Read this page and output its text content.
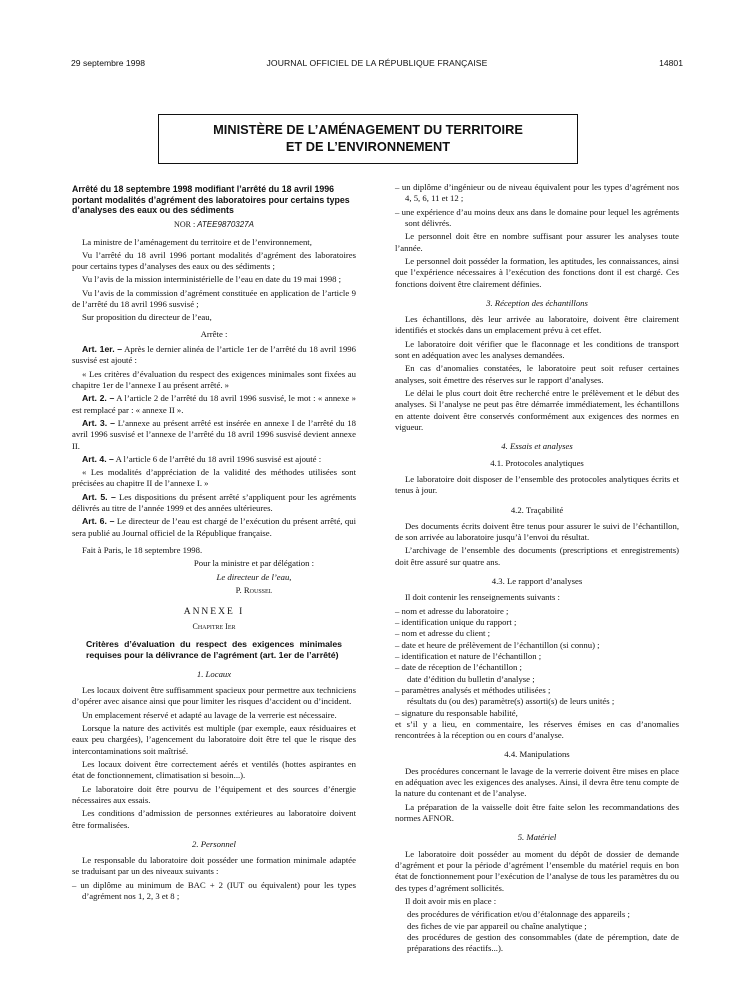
29 septembre 1998	JOURNAL OFFICIEL DE LA RÉPUBLIQUE FRANÇAISE	14801
MINISTÈRE DE L’AMÉNAGEMENT DU TERRITOIRE
ET DE L’ENVIRONNEMENT
Arrêté du 18 septembre 1998 modifiant l’arrêté du 18 avril 1996 portant modalités d’agrément des laboratoires pour certains types d’analyses des eaux ou des sédiments
NOR : ATEE9870327A

La ministre de l’aménagement du territoire et de l’environnement,

Vu l’arrêté du 18 avril 1996 portant modalités d’agrément des laboratoires pour certains types d’analyses des eaux ou des sédiments ;

Vu l’avis de la mission interministérielle de l’eau en date du 19 mai 1998 ;

Vu l’avis de la commission d’agrément constituée en application de l’article 9 de l’arrêté du 18 avril 1996 susvisé ;

Sur proposition du directeur de l’eau,

Arrête :

Art. 1er. – Après le dernier alinéa de l’article 1er de l’arrêté du 18 avril 1996 susvisé est ajouté :

« Les critères d’évaluation du respect des exigences minimales sont fixées au chapitre 1er de l’annexe I au présent arrêté. »

Art. 2. – A l’article 2 de l’arrêté du 18 avril 1996 susvisé, le mot : « annexe » est remplacé par : « annexe II ».

Art. 3. – L’annexe au présent arrêté est insérée en annexe I de l’arrêté du 18 avril 1996 susvisé et l’annexe de l’arrêté du 18 avril 1996 susvisé devient annexe II.

Art. 4. – A l’article 6 de l’arrêté du 18 avril 1996 susvisé est ajouté :

« Les modalités d’appréciation de la validité des méthodes utilisées sont précisées au chapitre II de l’annexe I. »

Art. 5. – Les dispositions du présent arrêté s’appliquent pour les agréments délivrés au titre de l’année 1999 et des années ultérieures.

Art. 6. – Le directeur de l’eau est chargé de l’exécution du présent arrêté, qui sera publié au Journal officiel de la République française.

Fait à Paris, le 18 septembre 1998.

Pour la ministre et par délégation :

Le directeur de l’eau,

P. Roussel

ANNEXE I
Chapitre Ier
Critères d’évaluation du respect des exigences minimales requises pour la délivrance de l’agrément (art. 1er de l’arrêté)
1. Locaux

Les locaux doivent être suffisamment spacieux pour permettre aux techniciens d’opérer avec aisance ainsi que pour limiter les risques d’accident ou d’incident.

Un emplacement réservé et adapté au lavage de la verrerie est nécessaire.

Lorsque la nature des activités est multiple (par exemple, eaux résiduaires et eaux peu chargées), l’agencement du laboratoire doit être tel que le risque des intercontaminations soit maîtrisé.

Les locaux doivent être correctement aérés et ventilés (hottes aspirantes en état de fonctionnement, climatisation si besoin...).

Le laboratoire doit être pourvu de l’équipement et des sources d’énergie nécessaires aux essais.

Les conditions d’admission de personnes extérieures au laboratoire doivent être formalisées.

2. Personnel

Le responsable du laboratoire doit posséder une formation minimale adaptée se traduisant par un des niveaux suivants :

– un diplôme au minimum de BAC + 2 (IUT ou équivalent) pour les types d’agrément nos 1, 2, 3 et 8 ;

– un diplôme d’ingénieur ou de niveau équivalent pour les types d’agrément nos 4, 5, 6, 11 et 12 ;

– une expérience d’au moins deux ans dans le domaine pour lequel les agréments sont délivrés.

Le personnel doit être en nombre suffisant pour assurer les analyses toute l’année.

Le personnel doit posséder la formation, les aptitudes, les connaissances, ainsi que l’expérience nécessaires à l’exécution des fonctions dont il est chargé. Ces fonctions doivent être clairement définies.

3. Réception des échantillons

Les échantillons, dès leur arrivée au laboratoire, doivent être clairement identifiés et stockés dans un emplacement prévu à cet effet.

Le laboratoire doit vérifier que le flaconnage et les conditions de transport sont en adéquation avec les analyses demandées.

En cas d’anomalies constatées, le laboratoire peut soit refuser certaines analyses, soit émettre des réserves sur le rapport d’analyses.

Le délai le plus court doit être recherché entre le prélèvement et le début des analyses. Si l’analyse ne peut pas être démarrée immédiatement, les échantillons en attente doivent être conservés conformément aux exigences des normes en vigueur.

4. Essais et analyses
4.1. Protocoles analytiques

Le laboratoire doit disposer de l’ensemble des protocoles analytiques écrits et tenus à jour.

4.2. Traçabilité

Des documents écrits doivent être tenus pour assurer le suivi de l’échantillon, de son arrivée au laboratoire jusqu’à l’envoi du résultat.

L’archivage de l’ensemble des documents (prescriptions et enregistrements) doit être assuré sur quatre ans.

4.3. Le rapport d’analyses

Il doit contenir les renseignements suivants :

– nom et adresse du laboratoire ;

– identification unique du rapport ;

– nom et adresse du client ;

– date et heure de prélèvement de l’échantillon (si connu) ;

– identification et nature de l’échantillon ;

– date de réception de l’échantillon ;

date d’édition du bulletin d’analyse ;

– paramètres analysés et méthodes utilisées ;

résultats du (ou des) paramètre(s) assorti(s) de leurs unités ;

– signature du responsable habilité,

et s’il y a lieu, en commentaire, les réserves émises en cas d’anomalies rencontrées à la réception ou en cours d’analyse.

4.4. Manipulations

Des procédures concernant le lavage de la verrerie doivent être mises en place en adéquation avec les exigences des analyses. Ainsi, il devra être tenu compte de la nature du contenant et de l’analyse.

La préparation de la vaisselle doit être faite selon les recommandations des normes AFNOR.

5. Matériel

Le laboratoire doit posséder au moment du dépôt de dossier de demande d’agrément et pour la période d’agrément l’ensemble du matériel requis en bon état de fonctionnement pour l’exécution de l’analyse de tous les paramètres du ou des types d’agrément sollicités.

Il doit avoir mis en place :

des procédures de vérification et/ou d’étalonnage des appareils ;

des fiches de vie par appareil ou chaîne analytique ;

des procédures de gestion des consommables (date de péremption, date de préparations des réactifs...).
